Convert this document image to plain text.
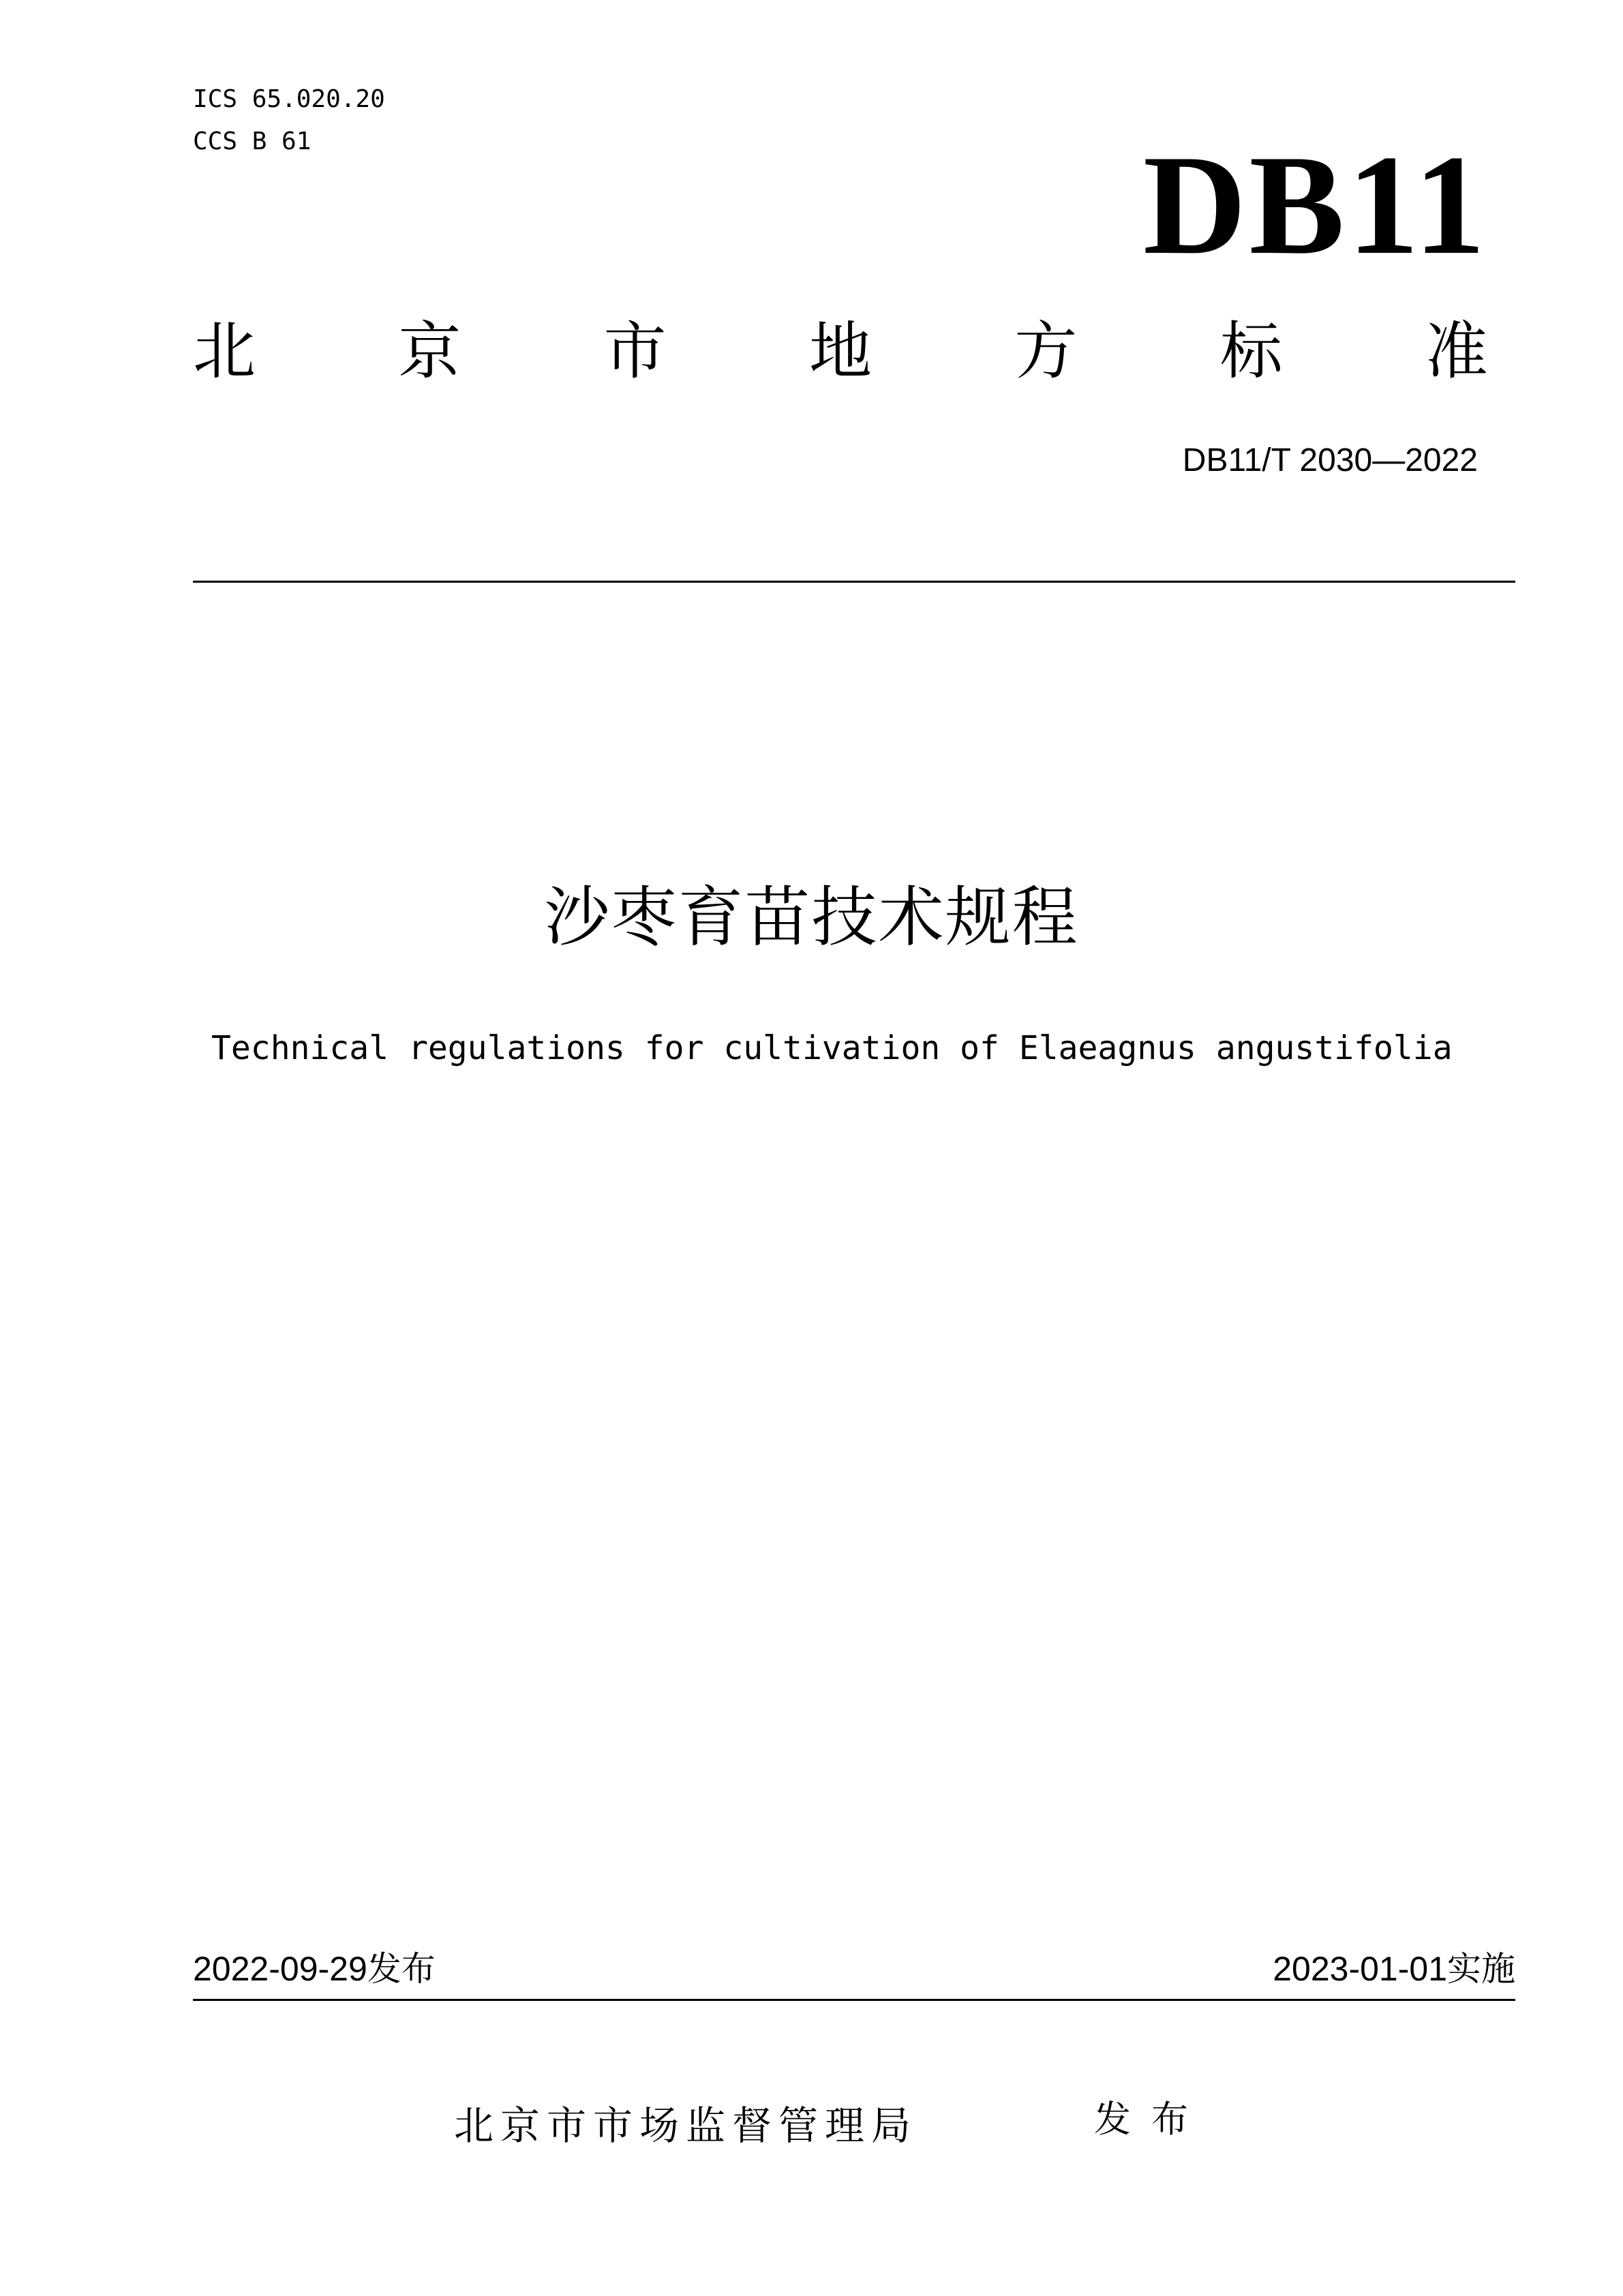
ICS 65.020.20
CCS B 61	DB11
北 京 市 地 方 标 准
DB11/T 2030—2022
沙枣育苗技术规程
Technical regulations for cultivation of Elaeagnus angustifolia
2022-09-29发布	2023-01-01实施
北京市市场监督管理局	发布
